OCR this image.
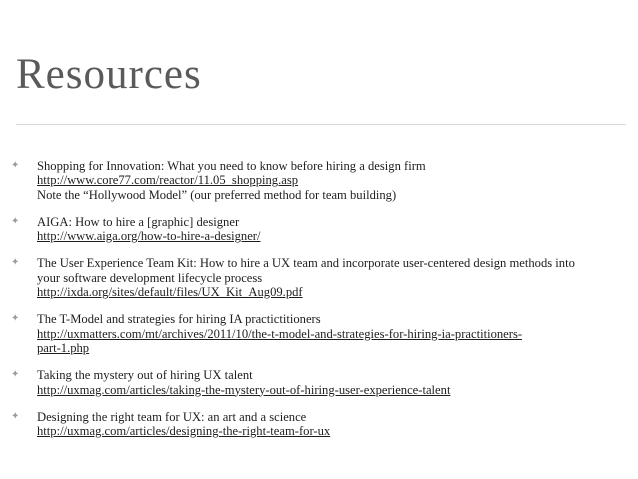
Resources
✦ Shopping for Innovation: What you need to know before hiring a design firm
http://www.core77.com/reactor/11.05_shopping.asp
Note the “Hollywood Model” (our preferred method for team building)
✦ AIGA: How to hire a [graphic] designer
http://www.aiga.org/how-to-hire-a-designer/
✦ The User Experience Team Kit: How to hire a UX team and incorporate user-centered design methods into
your software development lifecycle process
http://ixda.org/sites/default/files/UX_Kit_Aug09.pdf
✦ The T-Model and strategies for hiring IA practictitioners
http://uxmatters.com/mt/archives/2011/10/the-t-model-and-strategies-for-hiring-ia-practitioners-
part-1.php
✦ Taking the mystery out of hiring UX talent
http://uxmag.com/articles/taking-the-mystery-out-of-hiring-user-experience-talent
✦ Designing the right team for UX: an art and a science
http://uxmag.com/articles/designing-the-right-team-for-ux
